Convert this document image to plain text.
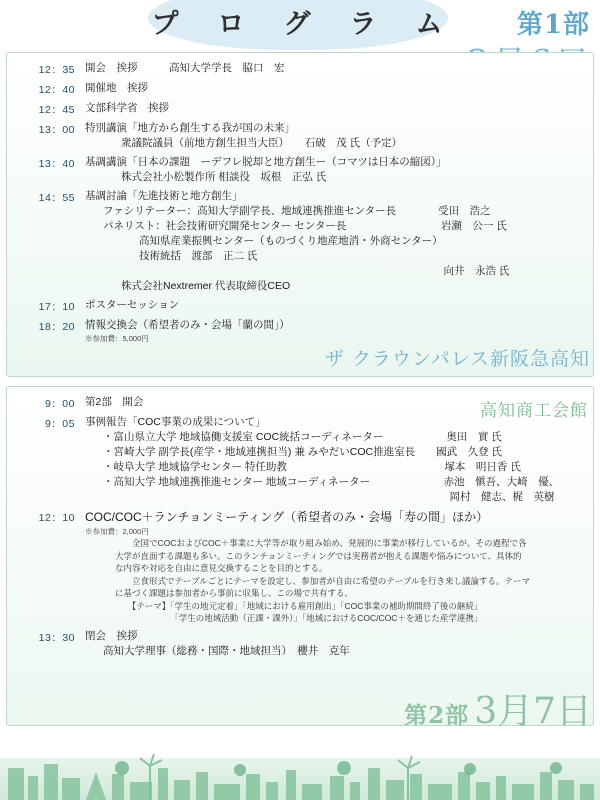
プ　ロ　グ　ラ　ム	第1部
12：35 開会　挨拶　　　高知大学学長　脇口　宏
12：40 開催地　挨拶
12：45 文部科学省　挨拶
13：00 特別講演「地方から創生する我が国の未来」
衆議院議員（前地方創生担当大臣）　　石破　茂 氏（予定）
13：40 基調講演「日本の課題　ーデフレ脱却と地方創生ー（コマツは日本の縮図）」
株式会社小松製作所 相談役　坂根　正弘 氏
14：55 基調討論「先進技術と地方創生」
ファシリテーター：高知大学副学長、地域連携推進センター長　　　　受田　浩之
パネリスト：社会技術研究開発センター センター長　　　　　　　　　岩瀬　公一 氏
高知県産業振興センター（ものづくり地産地消・外商センター）
技術統括　渡部　正二 氏
　　　　　　　　　　　　　　　　　　　　　　　　　　　　　向井　永浩 氏
株式会社Nextremer 代表取締役CEO
17：10 ポスターセッション
18：20 情報交換会（希望者のみ・会場「蘭の間」）
※参加費：5,000円
ザ クラウンパレス新阪急高知
9：00 第2部　開会
9：05 事例報告「COC事業の成果について」
・富山県立大学 地域協働支援室 COC統括コーディネーター　　　　　　奥田　實 氏
・宮崎大学 副学長(産学・地域連携担当) 兼 みやだいCOC推進室長　　國武　久登 氏
・岐阜大学 地域協学センター 特任助教　　　　　　　　　　　　　　　塚本　明日香 氏
・高知大学 地域連携推進センター 地域コーディネーター　　　　　　　赤池　愼吾、大崎　優、
　　　　　　　　　　　　　　　　　　　　　　　　　　　　　　　　　岡村　健志、梶　英樹
12：10 COC/COC＋ランチョンミーティング（希望者のみ・会場「寿の間」ほか）
※参加費：2,000円
　　全国でCOCおよびCOC＋事業に大学等が取り組み始め、発展的に事業が移行しているが、その過程で各
大学が直面する課題も多い。このランチョンミーティングでは実務者が抱える課題や悩みについて、具体的
な内容や対応を自由に意見交換することを目的とする。
　　立食形式でテーブルごとにテーマを設定し、参加者が自由に希望のテーブルを行き来し議論する。テーマ
に基づく課題は参加者から事前に収集し、この場で共有する。
　　【テーマ】「学生の地元定着」「地域における雇用創出」「COC事業の補助期間終了後の継続」
　　　　　　　「学生の地域活動（正課・課外）」「地域におけるCOC/COC＋を通じた産学連携」
13：30 閉会　挨拶
高知大学理事（総務・国際・地域担当）　櫻井　克年
高知商工会館
第2部 3月7日
